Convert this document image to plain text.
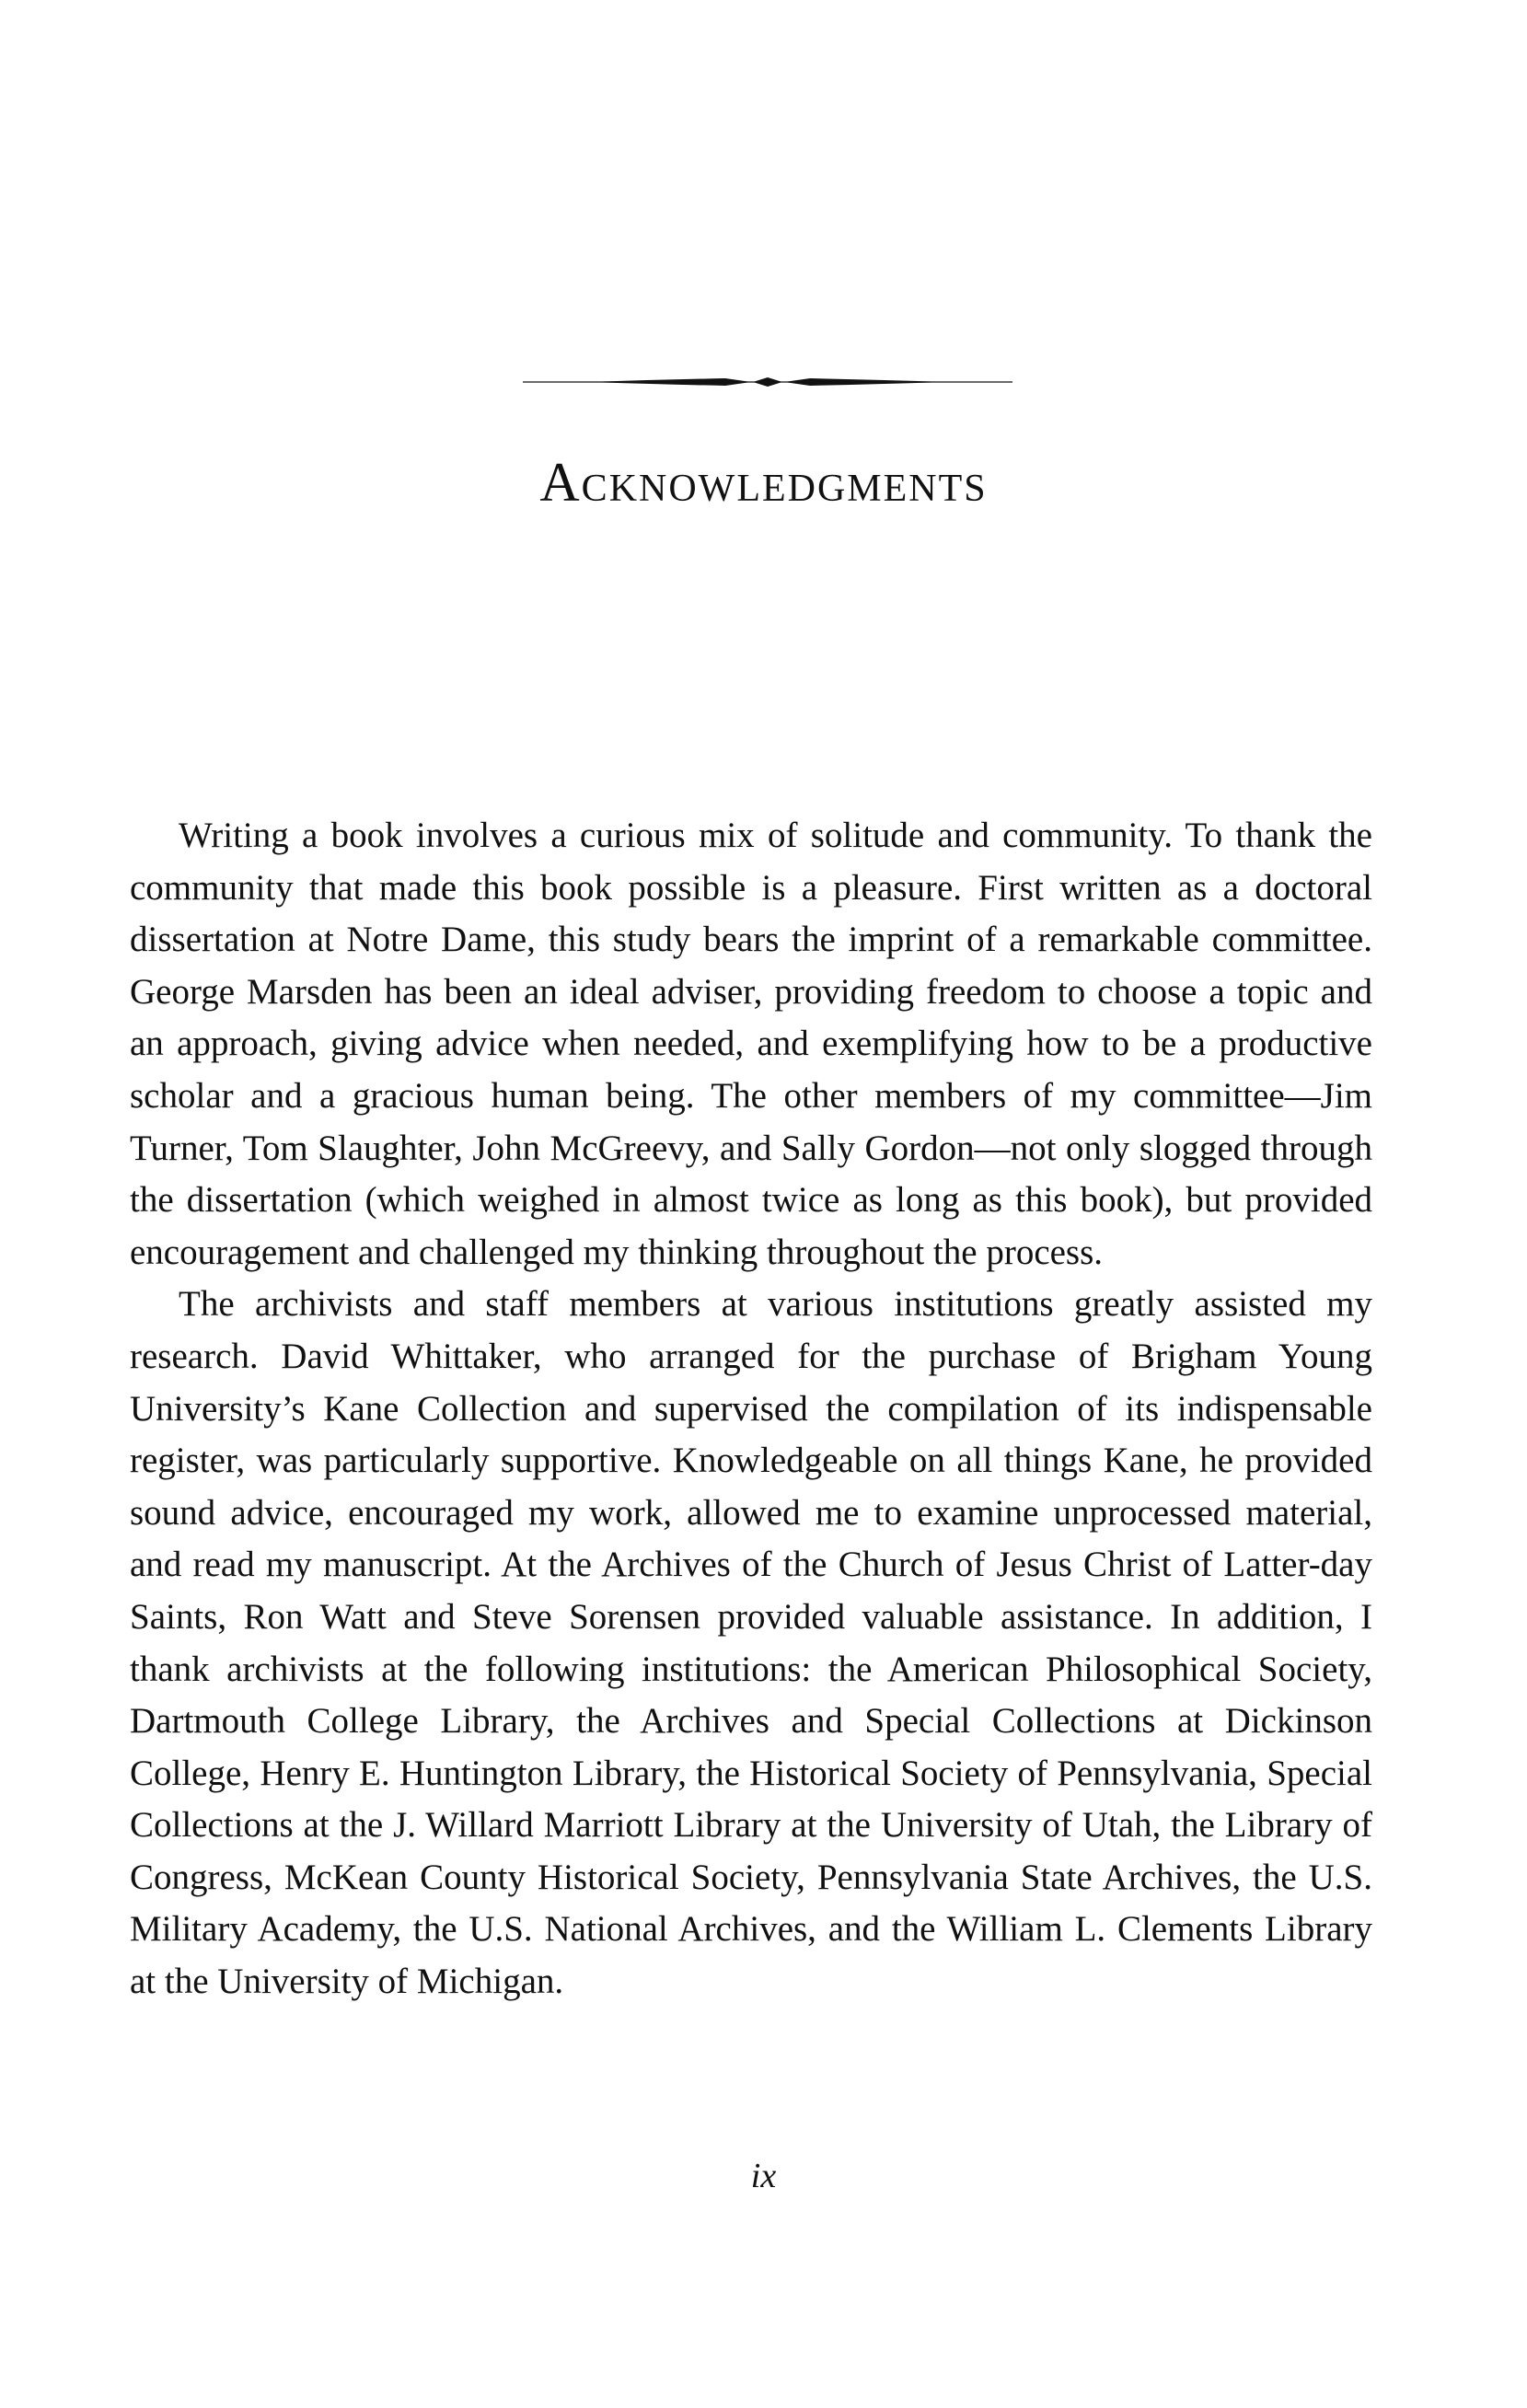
Acknowledgments

Writing a book involves a curious mix of solitude and community. To thank the community that made this book possible is a pleasure. First written as a doctoral dissertation at Notre Dame, this study bears the imprint of a remarkable committee. George Marsden has been an ideal adviser, providing freedom to choose a topic and an approach, giving advice when needed, and exemplifying how to be a productive scholar and a gracious human being. The other members of my committee—Jim Turner, Tom Slaughter, John McGreevy, and Sally Gordon—not only slogged through the dissertation (which weighed in almost twice as long as this book), but provided encouragement and challenged my thinking throughout the process.

The archivists and staff members at various institutions greatly assisted my research. David Whittaker, who arranged for the purchase of Brigham Young University’s Kane Collection and supervised the compilation of its indispensable register, was particularly supportive. Knowledgeable on all things Kane, he provided sound advice, encouraged my work, allowed me to examine unprocessed material, and read my manuscript. At the Archives of the Church of Jesus Christ of Latter-day Saints, Ron Watt and Steve Sorensen provided valuable assistance. In addition, I thank archivists at the following institutions: the American Philosophical Society, Dartmouth College Library, the Archives and Special Collections at Dickinson College, Henry E. Huntington Library, the Historical Society of Pennsylvania, Special Collections at the J. Willard Marriott Library at the University of Utah, the Library of Congress, McKean County Historical Society, Pennsylvania State Archives, the U.S. Military Academy, the U.S. National Archives, and the William L. Clements Library at the University of Michigan.

ix
